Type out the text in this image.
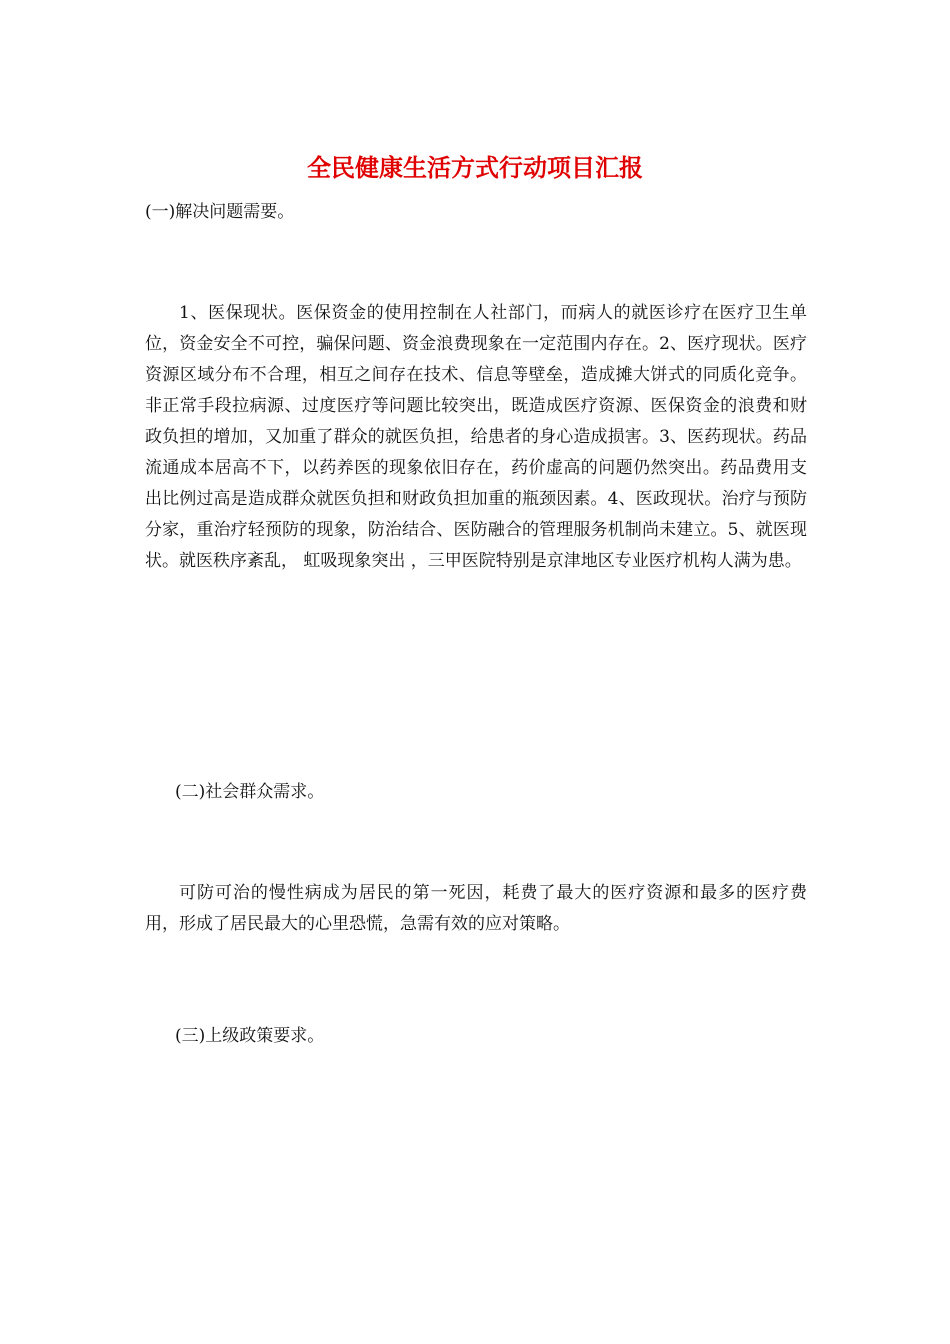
全民健康生活方式行动项目汇报

(一)解决问题需要。

1、医保现状。医保资金的使用控制在人社部门，而病人的就医诊疗在医疗卫生单位，资金安全不可控，骗保问题、资金浪费现象在一定范围内存在。2、医疗现状。医疗资源区域分布不合理，相互之间存在技术、信息等壁垒，造成摊大饼式的同质化竞争。非正常手段拉病源、过度医疗等问题比较突出，既造成医疗资源、医保资金的浪费和财政负担的增加，又加重了群众的就医负担，给患者的身心造成损害。3、医药现状。药品流通成本居高不下，以药养医的现象依旧存在，药价虚高的问题仍然突出。药品费用支出比例过高是造成群众就医负担和财政负担加重的瓶颈因素。4、医政现状。治疗与预防分家，重治疗轻预防的现象，防治结合、医防融合的管理服务机制尚未建立。5、就医现状。就医秩序紊乱， 虹吸现象突出 ，三甲医院特别是京津地区专业医疗机构人满为患。

(二)社会群众需求。

可防可治的慢性病成为居民的第一死因，耗费了最大的医疗资源和最多的医疗费用，形成了居民最大的心里恐慌，急需有效的应对策略。

(三)上级政策要求。
